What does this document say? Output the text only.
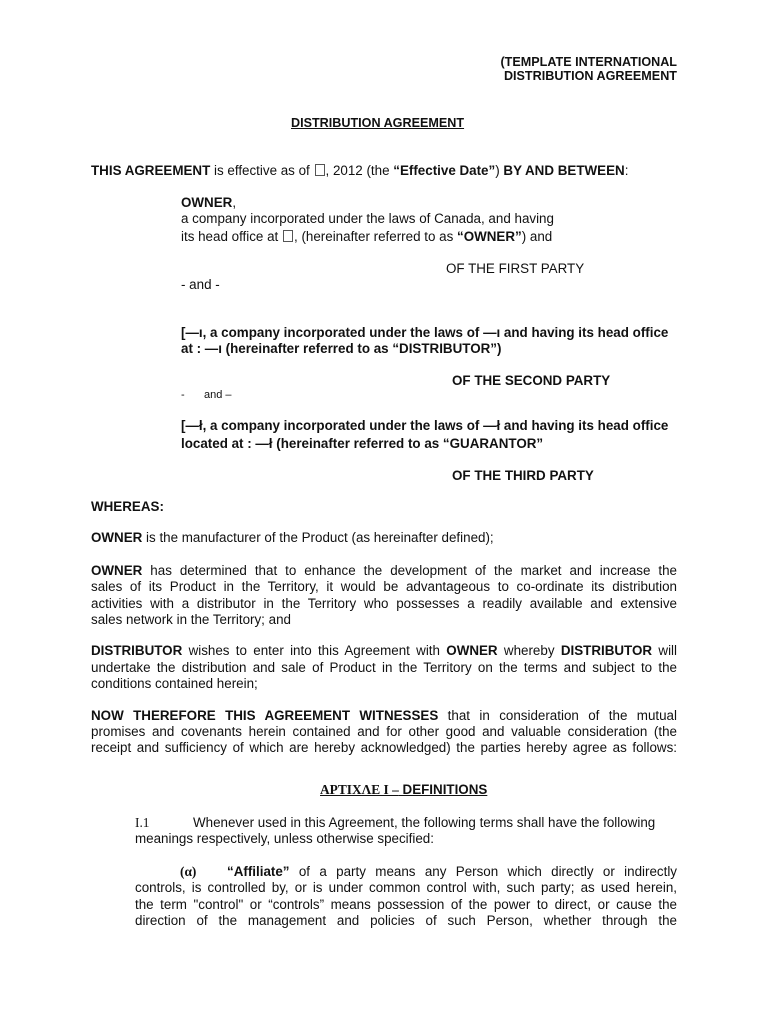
(TEMPLATE INTERNATIONAL
DISTRIBUTION AGREEMENT
DISTRIBUTION AGREEMENT
THIS AGREEMENT is effective as of , 2012 (the “Effective Date”) BY AND BETWEEN:
OWNER,
a company incorporated under the laws of Canada, and having
its head office at , (hereinafter referred to as “OWNER”) and
OF THE FIRST PARTY
- and -
[—ı, a company incorporated under the laws of —ı and having its head office
at : —ı (hereinafter referred to as “DISTRIBUTOR”)
OF THE SECOND PARTY
- and –
[—ł, a company incorporated under the laws of —ł and having its head office
located at : —ł (hereinafter referred to as “GUARANTOR”
OF THE THIRD PARTY
WHEREAS:
OWNER is the manufacturer of the Product (as hereinafter defined);
OWNER has determined that to enhance the development of the market and increase the
sales of its Product in the Territory, it would be advantageous to co-ordinate its distribution
activities with a distributor in the Territory who possesses a readily available and extensive
sales network in the Territory; and
DISTRIBUTOR wishes to enter into this Agreement with OWNER whereby DISTRIBUTOR will
undertake the distribution and sale of Product in the Territory on the terms and subject to the
conditions contained herein;
NOW THEREFORE THIS AGREEMENT WITNESSES that in consideration of the mutual
promises and covenants herein contained and for other good and valuable consideration (the
receipt and sufficiency of which are hereby acknowledged) the parties hereby agree as follows:
ΑΡΤΙΧΛΕ Ι – DEFINITIONS
Ι.1	Whenever used in this Agreement, the following terms shall have the following
meanings respectively, unless otherwise specified:
(α) “Affiliate” of a party means any Person which directly or indirectly
controls, is controlled by, or is under common control with, such party; as used herein,
the term "control" or “controls” means possession of the power to direct, or cause the
direction of the management and policies of such Person, whether through the
